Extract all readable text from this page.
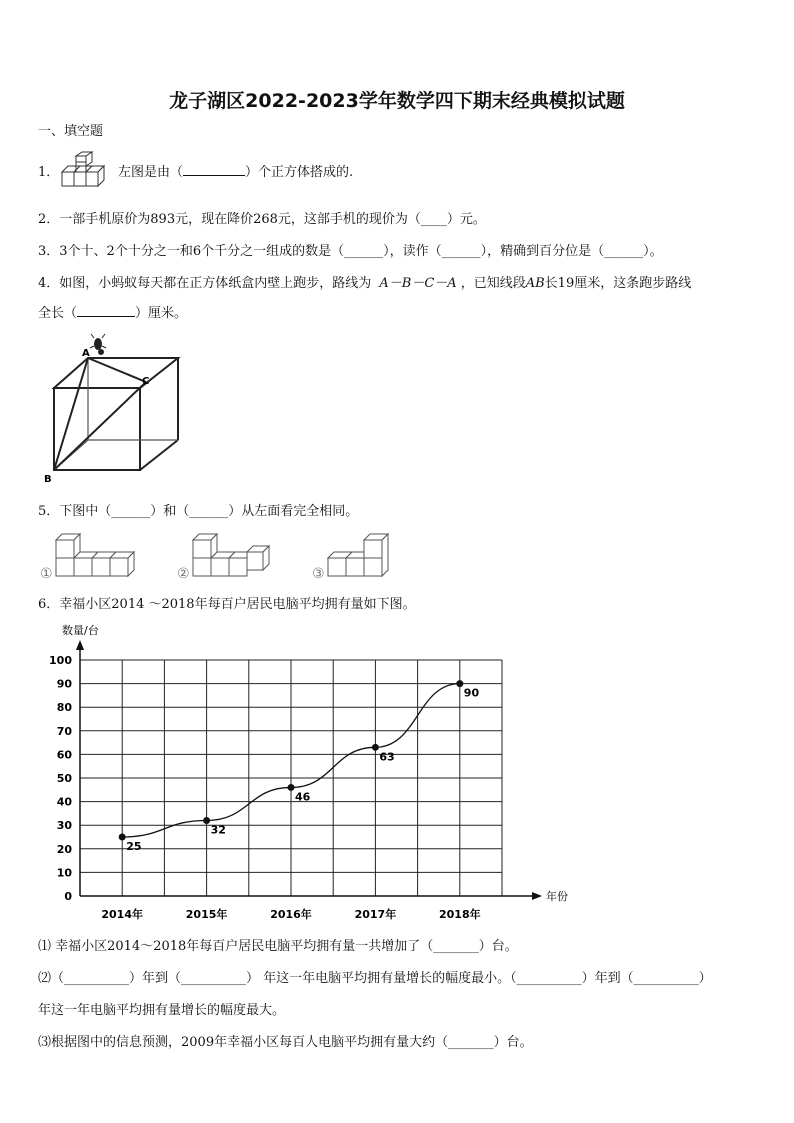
龙子湖区2022-2023学年数学四下期末经典模拟试题
一、填空题
1．	左图是由（	）个正方体搭成的.
2．一部手机原价为893元，现在降价268元，这部手机的现价为（____）元。
3．3个十、2个十分之一和6个千分之一组成的数是（______），读作（______），精确到百分位是（______）。
4．如图，小蚂蚁每天都在正方体纸盒内壁上跑步，路线为 A－B－C－A ，已知线段AB长19厘米，这条跑步路线
全长（	）厘米。
A
B
C
5．下图中（______）和（______）从左面看完全相同。
①	②	③
6．幸福小区2014 ～2018年每百户居民电脑平均拥有量如下图。
0
10
20
30
40
50
60
70
80
90
100
数量/台
年份
2014年	2015年	2016年	2017年	2018年
25
32
46
63
90
⑴ 幸福小区2014～2018年每百户居民电脑平均拥有量一共增加了（_______）台。
⑵（__________）年到（__________） 年这一年电脑平均拥有量增长的幅度最小。（__________）年到（__________）
年这一年电脑平均拥有量增长的幅度最大。
⑶根据图中的信息预测，2009年幸福小区每百人电脑平均拥有量大约（_______）台。
